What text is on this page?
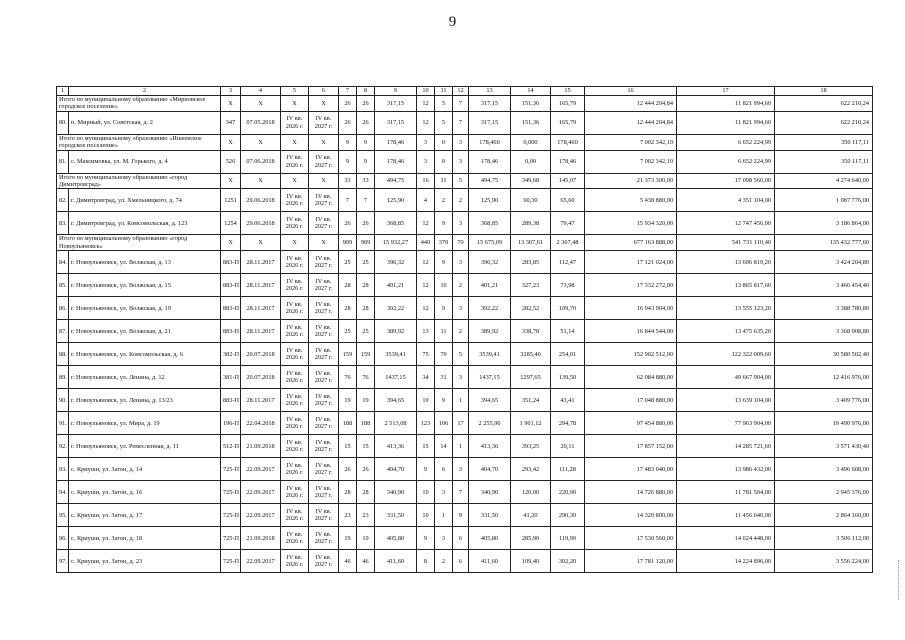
9
1	2	3	4	5	6	7	8	9	10	11	12	13	14	15	16	17	18
Итого по муниципальному образованию «Мирновское городское поселение»		X	X	X	X	26	26	317,15	12	5	7	317,15	151,36	165,79	12 444 204,84	11 821 994,60	622 210,24
80.	п. Мирный, ул. Советская, д. 2	347	07.05.2018	IV кв. 2026 г.	IV кв. 2027 г.	26	26	317,15	12	5	7	317,15	151,36	165,79	12 444 204,84	11 821 994,60	622 210,24
Итого по муниципальному образованию «Ишеевское городское поселение»		X	X	X	X	9	9	178,46	3	0	3	178,460	0,000	178,460	7 002 342,10	6 652 224,99	350 117,11
81.	с. Максимовка, ул. М. Горького, д. 4	526	07.06.2018	IV кв. 2026 г.	IV кв. 2027 г.	9	9	178,46	3	0	3	178,46	0,00	178,46	7 002 342,10	6 652 224,99	350 117,11
Итого по муниципальному образованию «город Димитровград»		X	X	X	X	33	33	494,75	16	11	5	494,75	349,68	145,07	21 373 300,00	17 098 560,00	4 274 640,00
82.	г. Димитровград, ул. Хмельницкого, д. 74	1251	29.06.2018	IV кв. 2026 г.	IV кв. 2027 г.	7	7	125,90	4	2	2	125,90	60,30	65,60	5 438 880,00	4 351 104,00	1 087 776,00
83.	г. Димитровград, ул. Комсомольская, д. 123	1254	29.06.2018	IV кв. 2026 г.	IV кв. 2027 г.	26	26	368,85	12	9	3	368,85	289,38	79,47	15 934 320,00	12 747 456,00	3 186 864,00
Итого по муниципальному образованию «город Новоульяновск»		X	X	X	X	909	909	15 932,27	440	370	70	15 675,09	13 307,61	2 367,48	677 163 888,00	541 731 110,40	135 432 777,60
84.	г. Новоульяновск, ул. Волжская, д. 13	883-П	28.11.2017	IV кв. 2026 г.	IV кв. 2027 г.	25	25	396,32	12	9	3	396,32	283,85	112,47	17 121 024,00	13 696 819,20	3 424 204,80
85.	г. Новоульяновск, ул. Волжская, д. 15	883-П	28.11.2017	IV кв. 2026 г.	IV кв. 2027 г.	28	28	401,21	12	10	2	401,21	327,23	73,98	17 332 272,00	13 865 817,60	3 466 454,40
86.	г. Новоульяновск, ул. Волжская, д. 19	883-П	28.11.2017	IV кв. 2026 г.	IV кв. 2027 г.	28	28	392,22	12	9	3	392,22	282,52	109,70	16 943 904,00	13 555 123,20	3 388 780,80
87.	г. Новоульяновск, ул. Волжская, д. 21	883-П	28.11.2017	IV кв. 2026 г.	IV кв. 2027 г.	25	25	389,92	13	11	2	389,92	338,78	51,14	16 844 544,00	13 475 635,20	3 368 908,80
88.	г. Новоульяновск, ул. Комсомольская, д. 6	382-П	20.07.2018	IV кв. 2026 г.	IV кв. 2027 г.	159	159	3539,41	75	70	5	3539,41	3285,40	254,01	152 902 512,00	122 322 009,60	30 580 502,40
89.	г. Новоульяновск, ул. Ленина, д. 12	381-П	20.07.2018	IV кв. 2026 г.	IV кв. 2027 г.	76	76	1437,15	34	31	3	1437,15	1297,65	139,50	62 084 880,00	49 667 904,00	12 416 976,00
90.	г. Новоульяновск, ул. Ленина, д. 13/23	883-П	28.11.2017	IV кв. 2026 г.	IV кв. 2027 г.	19	19	394,65	10	9	1	394,65	351,24	43,41	17 048 880,00	13 639 104,00	3 409 776,00
91.	г. Новоульяновск, ул. Мира, д. 19	196-П	22.04.2018	IV кв. 2026 г.	IV кв. 2027 г.	188	188	2 513,08	123	106	17	2 255,90	1 961,12	294,78	97 454 880,00	77 963 904,00	19 490 976,00
92.	г. Новоульяновск, ул. Ремесленная, д. 11	512-П	21.09.2018	IV кв. 2026 г.	IV кв. 2027 г.	15	15	413,36	15	14	1	413,36	393,25	20,11	17 857 152,00	14 285 721,60	3 571 430,40
93.	с. Криуши, ул. Затон, д. 14	725-П	22.09.2017	IV кв. 2026 г.	IV кв. 2027 г.	26	26	404,70	9	6	3	404,70	293,42	111,28	17 483 040,00	13 986 432,00	3 496 608,00
94.	с. Криуши, ул. Затон, д. 16	725-П	22.09.2017	IV кв. 2026 г.	IV кв. 2027 г.	28	28	340,90	10	3	7	340,90	120,00	220,90	14 726 880,00	11 781 504,00	2 945 376,00
95.	с. Криуши, ул. Затон, д. 17	725-П	22.09.2017	IV кв. 2026 г.	IV кв. 2027 г.	23	23	331,50	10	1	9	331,50	41,20	290,30	14 320 800,00	11 456 640,00	2 864 160,00
96.	с. Криуши, ул. Затон, д. 18	725-П	21.09.2018	IV кв. 2026 г.	IV кв. 2027 г.	19	19	405,80	9	3	6	405,80	285,90	119,90	17 530 560,00	14 024 448,00	3 506 112,00
97.	с. Криуши, ул. Затон, д. 23	725-П	22.09.2017	IV кв. 2026 г.	IV кв. 2027 г.	46	46	411,60	8	2	6	411,60	109,40	302,20	17 781 120,00	14 224 896,00	3 556 224,00
